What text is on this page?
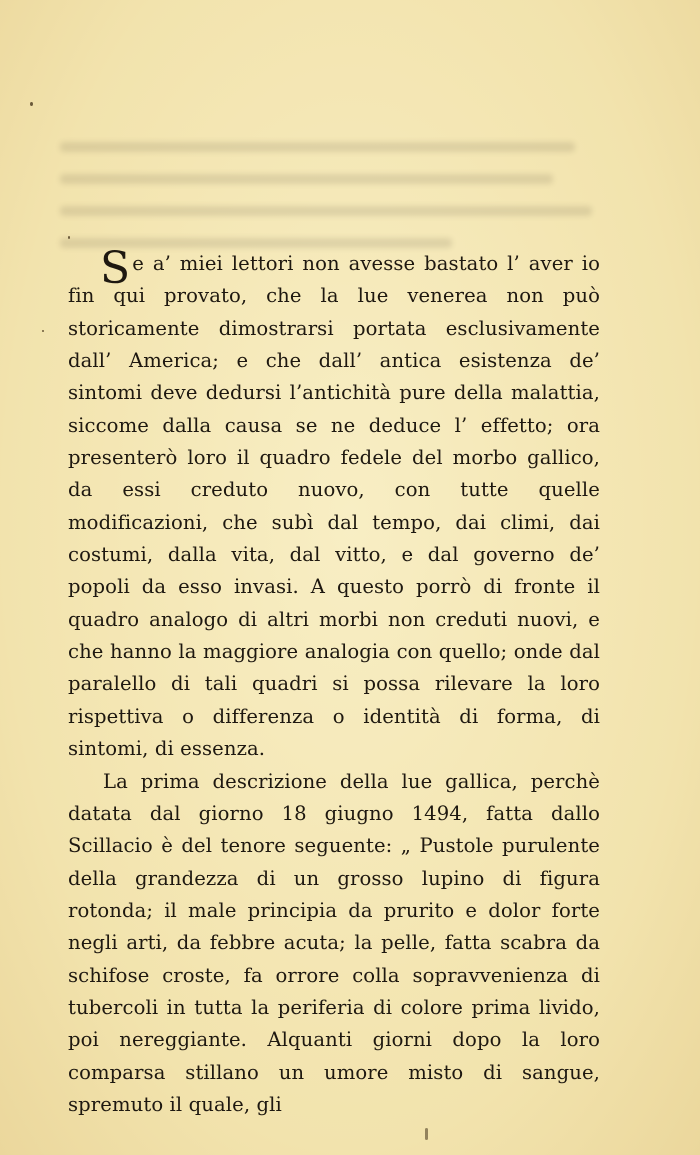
Se a’ miei lettori non avesse bastato l’ aver io fin qui provato, che la lue venerea non può storicamente dimostrarsi portata esclusivamente dall’ America; e che dall’ antica esistenza de’ sintomi deve dedursi l’antichità pure della malattia, siccome dalla causa se ne deduce l’ effetto; ora presenterò loro il quadro fedele del morbo gallico, da essi creduto nuovo, con tutte quelle modificazioni, che subì dal tempo, dai climi, dai costumi, dalla vita, dal vitto, e dal governo de’ popoli da esso invasi. A questo porrò di fronte il quadro analogo di altri morbi non creduti nuovi, e che hanno la maggiore analogia con quello; onde dal paralello di tali quadri si possa rilevare la loro rispettiva o differenza o identità di forma, di sintomi, di essenza.

La prima descrizione della lue gallica, perchè datata dal giorno 18 giugno 1494, fatta dallo Scillacio è del tenore seguente: „ Pustole purulente della grandezza di un grosso lupino di figura rotonda; il male principia da prurito e dolor forte negli arti, da febbre acuta; la pelle, fatta scabra da schifose croste, fa orrore colla sopravvenienza di tubercoli in tutta la periferia di colore prima livido, poi nereggiante. Alquanti giorni dopo la loro comparsa stillano un umore misto di sangue, spremuto il quale, gli
